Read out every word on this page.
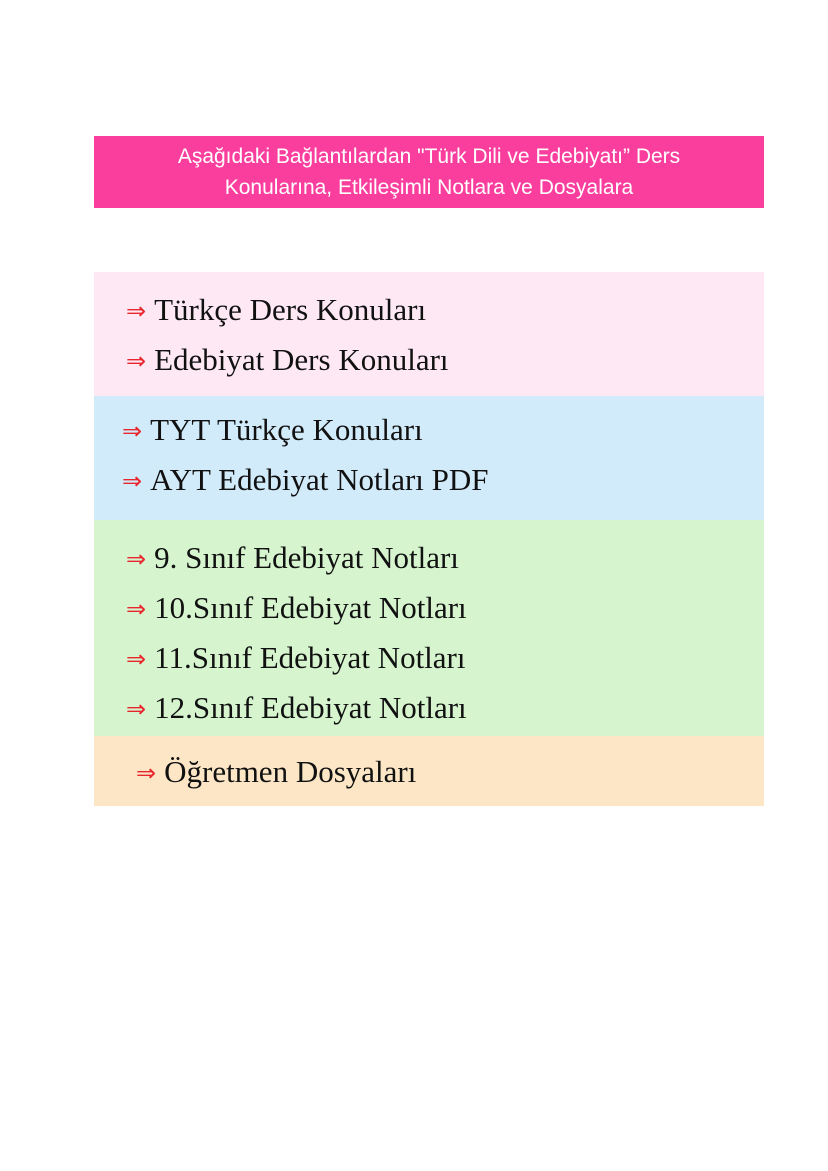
Aşağıdaki Bağlantılardan "Türk Dili ve Edebiyatı” Ders
Konularına, Etkileşimli Notlara ve Dosyalara
⇒ Türkçe Ders Konuları
⇒ Edebiyat Ders Konuları
⇒ TYT Türkçe Konuları
⇒ AYT Edebiyat Notları PDF
⇒ 9. Sınıf Edebiyat Notları
⇒ 10.Sınıf Edebiyat Notları
⇒ 11.Sınıf Edebiyat Notları
⇒ 12.Sınıf Edebiyat Notları
⇒ Öğretmen Dosyaları
